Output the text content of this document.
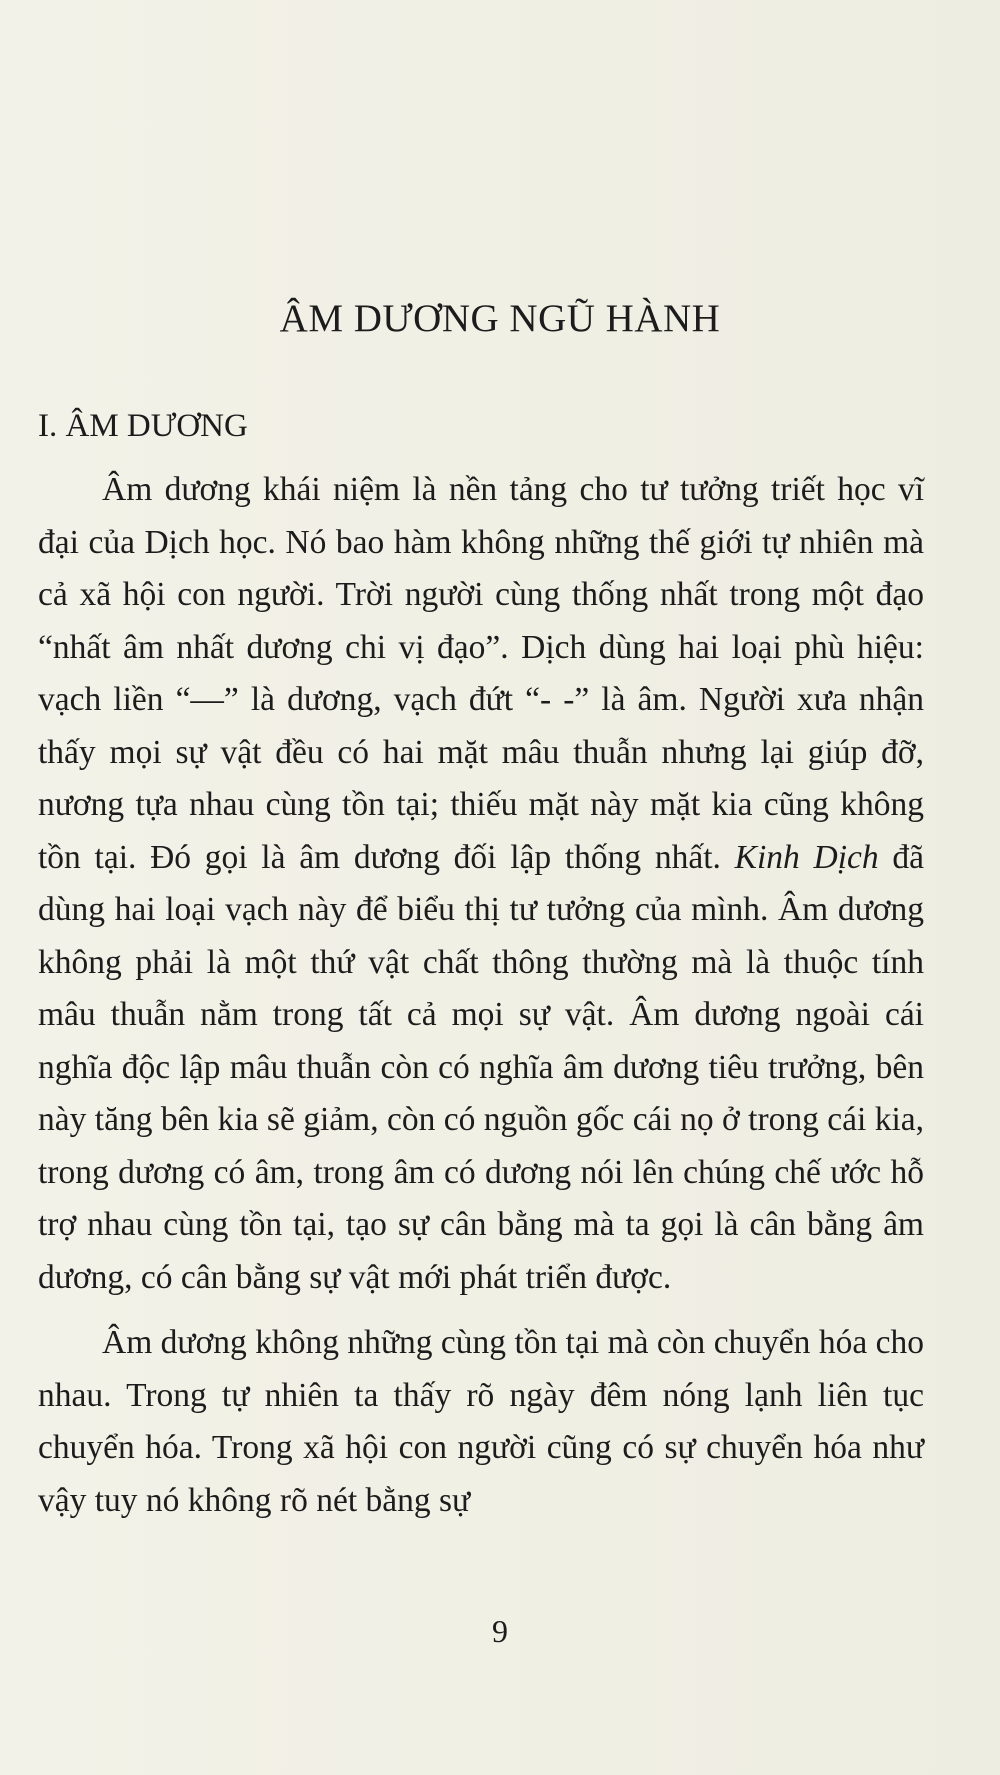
ÂM DƯƠNG NGŨ HÀNH
I. ÂM DƯƠNG

Âm dương khái niệm là nền tảng cho tư tưởng triết học vĩ đại của Dịch học. Nó bao hàm không những thế giới tự nhiên mà cả xã hội con người. Trời người cùng thống nhất trong một đạo “nhất âm nhất dương chi vị đạo”. Dịch dùng hai loại phù hiệu: vạch liền “—” là dương, vạch đứt “- -” là âm. Người xưa nhận thấy mọi sự vật đều có hai mặt mâu thuẫn nhưng lại giúp đỡ, nương tựa nhau cùng tồn tại; thiếu mặt này mặt kia cũng không tồn tại. Đó gọi là âm dương đối lập thống nhất. Kinh Dịch đã dùng hai loại vạch này để biểu thị tư tưởng của mình. Âm dương không phải là một thứ vật chất thông thường mà là thuộc tính mâu thuẫn nằm trong tất cả mọi sự vật. Âm dương ngoài cái nghĩa độc lập mâu thuẫn còn có nghĩa âm dương tiêu trưởng, bên này tăng bên kia sẽ giảm, còn có nguồn gốc cái nọ ở trong cái kia, trong dương có âm, trong âm có dương nói lên chúng chế ước hỗ trợ nhau cùng tồn tại, tạo sự cân bằng mà ta gọi là cân bằng âm dương, có cân bằng sự vật mới phát triển được.

Âm dương không những cùng tồn tại mà còn chuyển hóa cho nhau. Trong tự nhiên ta thấy rõ ngày đêm nóng lạnh liên tục chuyển hóa. Trong xã hội con người cũng có sự chuyển hóa như vậy tuy nó không rõ nét bằng sự

9
